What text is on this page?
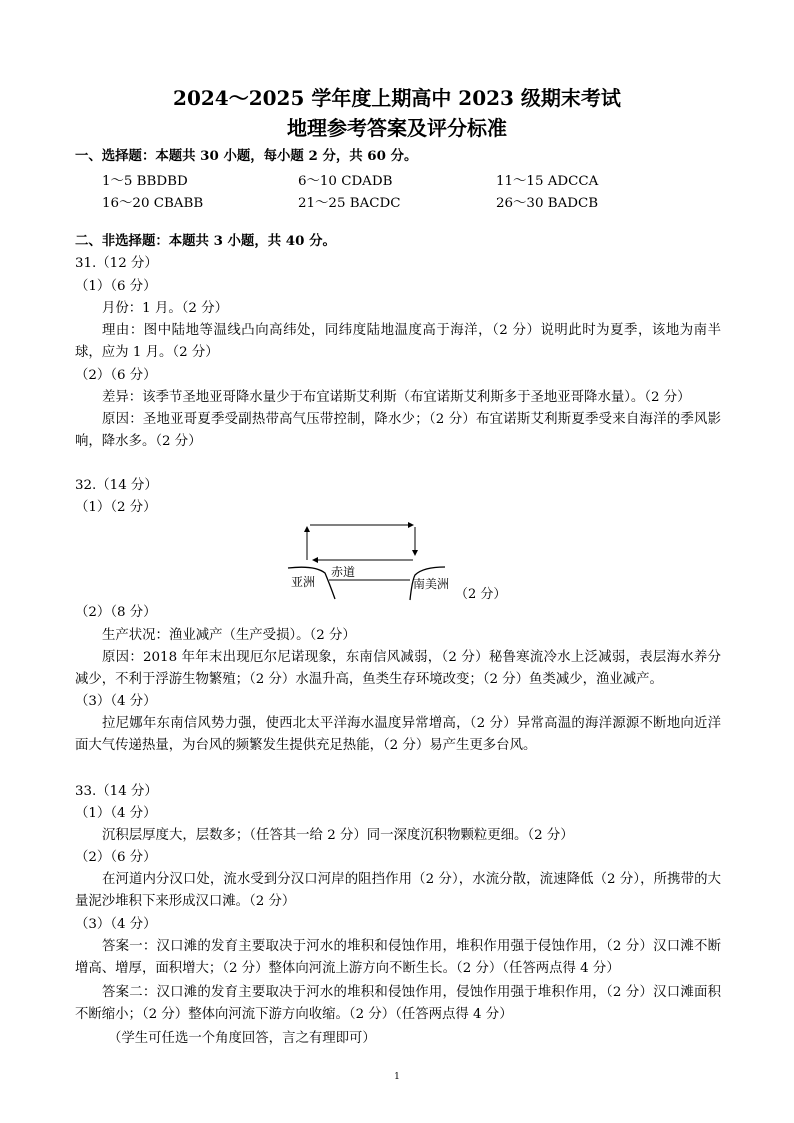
2024～2025 学年度上期高中 2023 级期末考试
地理参考答案及评分标准
一、选择题：本题共 30 小题，每小题 2 分，共 60 分。
1～5 BBDBD	6～10 CDADB	11～15 ADCCA
16～20 CBABB	21～25 BACDC	26～30 BADCB
二、非选择题：本题共 3 小题，共 40 分。
31.（12 分）
（1）（6 分）
月份：1 月。（2 分）
理由：图中陆地等温线凸向高纬处，同纬度陆地温度高于海洋，（2 分）说明此时为夏季，该地为南半球，应为 1 月。（2 分）
（2）（6 分）
差异：该季节圣地亚哥降水量少于布宜诺斯艾利斯（布宜诺斯艾利斯多于圣地亚哥降水量）。（2 分）
原因：圣地亚哥夏季受副热带高气压带控制，降水少；（2 分）布宜诺斯艾利斯夏季受来自海洋的季风影响，降水多。（2 分）
32.（14 分）
（1）（2 分）
亚洲
赤道
南美洲
（2 分）
（2）（8 分）
生产状况：渔业减产（生产受损）。（2 分）
原因：2018 年年末出现厄尔尼诺现象，东南信风减弱，（2 分）秘鲁寒流冷水上泛减弱，表层海水养分减少，不利于浮游生物繁殖；（2 分）水温升高，鱼类生存环境改变；（2 分）鱼类减少，渔业减产。
（3）（4 分）
拉尼娜年东南信风势力强，使西北太平洋海水温度异常增高，（2 分）异常高温的海洋源源不断地向近洋面大气传递热量，为台风的频繁发生提供充足热能，（2 分）易产生更多台风。
33.（14 分）
（1）（4 分）
沉积层厚度大，层数多；（任答其一给 2 分）同一深度沉积物颗粒更细。（2 分）
（2）（6 分）
在河道内分汉口处，流水受到分汉口河岸的阻挡作用（2 分），水流分散，流速降低（2 分），所携带的大量泥沙堆积下来形成汉口滩。（2 分）
（3）（4 分）
答案一：汉口滩的发育主要取决于河水的堆积和侵蚀作用，堆积作用强于侵蚀作用，（2 分）汉口滩不断增高、增厚，面积增大；（2 分）整体向河流上游方向不断生长。（2 分）（任答两点得 4 分）
答案二：汉口滩的发育主要取决于河水的堆积和侵蚀作用，侵蚀作用强于堆积作用，（2 分）汉口滩面积不断缩小；（2 分）整体向河流下游方向收缩。（2 分）（任答两点得 4 分）
（学生可任选一个角度回答，言之有理即可）
1
